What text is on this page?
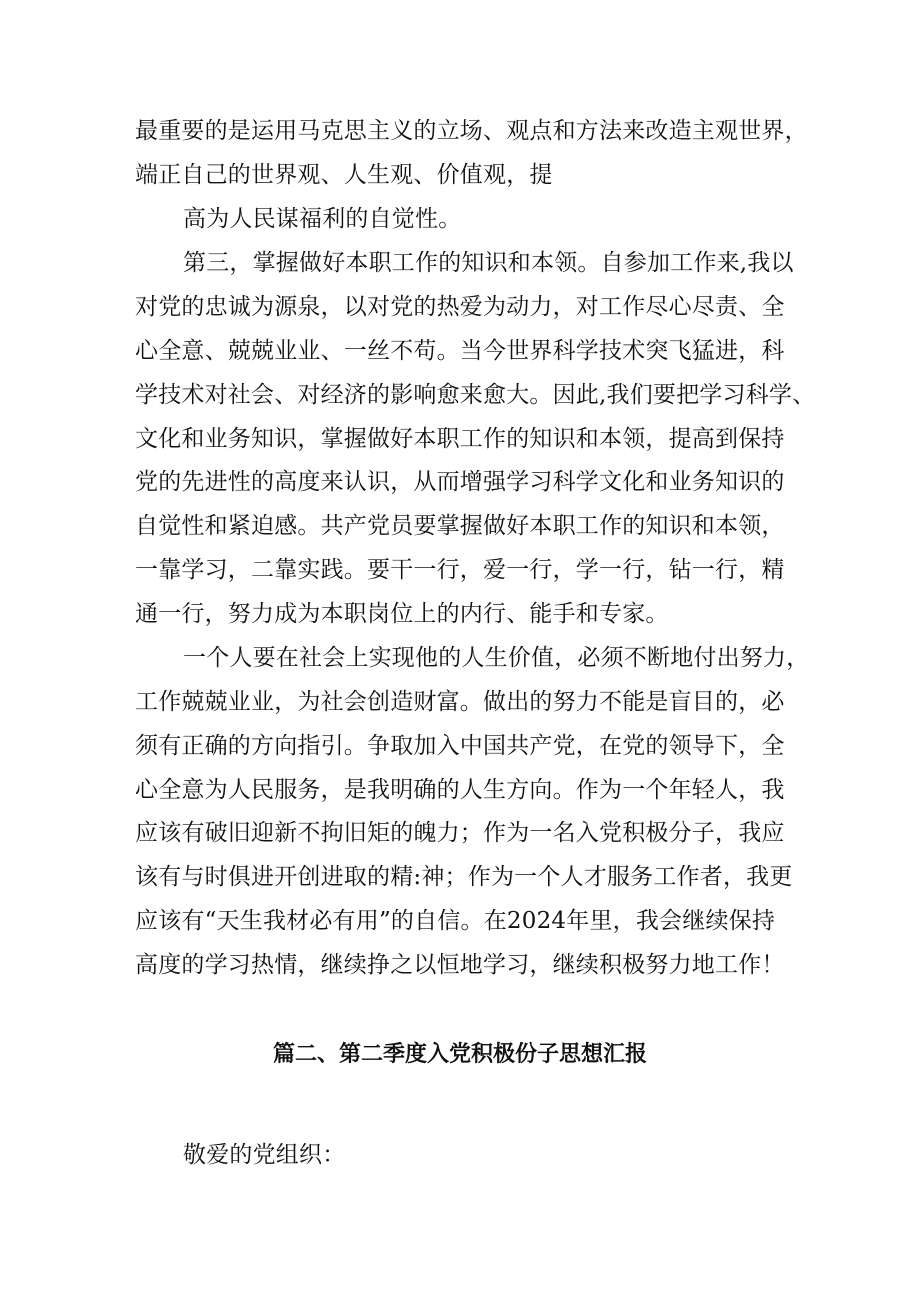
最重要的是运用马克思主义的立场、观点和方法来改造主观世界，
端正自己的世界观、人生观、价值观，提
高为人民谋福利的自觉性。
第三，掌握做好本职工作的知识和本领。自参加工作来,我以
对党的忠诚为源泉，以对党的热爱为动力，对工作尽心尽责、全
心全意、兢兢业业、一丝不苟。当今世界科学技术突飞猛进，科
学技术对社会、对经济的影响愈来愈大。因此,我们要把学习科学、
文化和业务知识，掌握做好本职工作的知识和本领，提高到保持
党的先进性的高度来认识，从而增强学习科学文化和业务知识的
自觉性和紧迫感。共产党员要掌握做好本职工作的知识和本领，
一靠学习，二靠实践。要干一行，爱一行，学一行，钻一行，精
通一行，努力成为本职岗位上的内行、能手和专家。
一个人要在社会上实现他的人生价值，必须不断地付出努力，
工作兢兢业业，为社会创造财富。做出的努力不能是盲目的，必
须有正确的方向指引。争取加入中国共产党，在党的领导下，全
心全意为人民服务，是我明确的人生方向。作为一个年轻人，我
应该有破旧迎新不拘旧矩的魄力；作为一名入党积极分子，我应
该有与时俱进开创进取的精:神；作为一个人才服务工作者，我更
应该有“天生我材必有用”的自信。在2024年里，我会继续保持
高度的学习热情，继续挣之以恒地学习，继续积极努力地工作！
篇二、第二季度入党积极份子思想汇报
敬爱的党组织：
